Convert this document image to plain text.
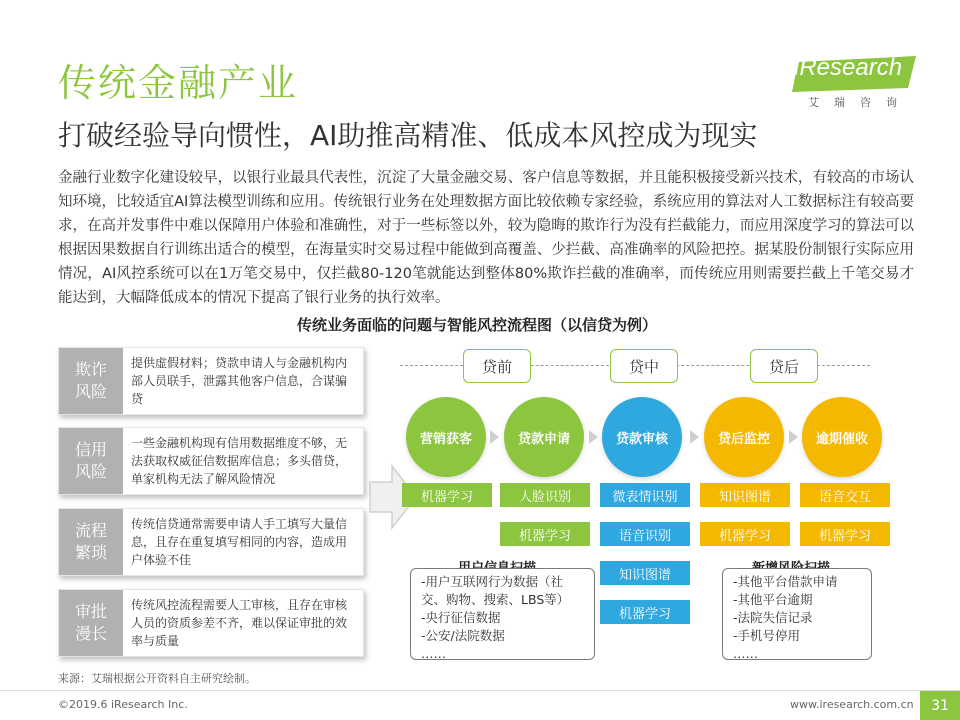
传统金融产业
打破经验导向惯性，AI助推高精准、低成本风控成为现实
iResearch
艾瑞咨询
金融行业数字化建设较早，以银行业最具代表性，沉淀了大量金融交易、客户信息等数据，并且能积极接受新兴技术，有较高的市场认知环境，比较适宜AI算法模型训练和应用。传统银行业务在处理数据方面比较依赖专家经验，系统应用的算法对人工数据标注有较高要求，在高并发事件中难以保障用户体验和准确性，对于一些标签以外，较为隐晦的欺诈行为没有拦截能力，而应用深度学习的算法可以根据因果数据自行训练出适合的模型，在海量实时交易过程中能做到高覆盖、少拦截、高准确率的风险把控。据某股份制银行实际应用情况，AI风控系统可以在1万笔交易中，仅拦截80-120笔就能达到整体80%欺诈拦截的准确率，而传统应用则需要拦截上千笔交易才能达到，大幅降低成本的情况下提高了银行业务的执行效率。
传统业务面临的问题与智能风控流程图（以信贷为例）
欺诈风险
提供虚假材料；贷款申请人与金融机构内部人员联手，泄露其他客户信息，合谋骗贷
信用风险
一些金融机构现有信用数据维度不够，无法获取权威征信数据库信息；多头借贷，单家机构无法了解风险情况
流程繁琐
传统信贷通常需要申请人手工填写大量信息，且存在重复填写相同的内容，造成用户体验不佳
审批漫长
传统风控流程需要人工审核，且存在审核人员的资质参差不齐，难以保证审批的效率与质量
贷前	贷中	贷后
营销获客	贷款申请	贷款审核	贷后监控	逾期催收
机器学习	人脸识别
机器学习
微表情识别
语音识别
知识图谱
机器学习
知识图谱
机器学习
语音交互
机器学习
-用户互联网行为数据（社
交、购物、搜索、LBS等）
-央行征信数据
-公安/法院数据
……
-其他平台借款申请
-其他平台逾期
-法院失信记录
-手机号停用
……
来源：艾瑞根据公开资料自主研究绘制。
©2019.6 iResearch Inc.	www.iresearch.com.cn	31
